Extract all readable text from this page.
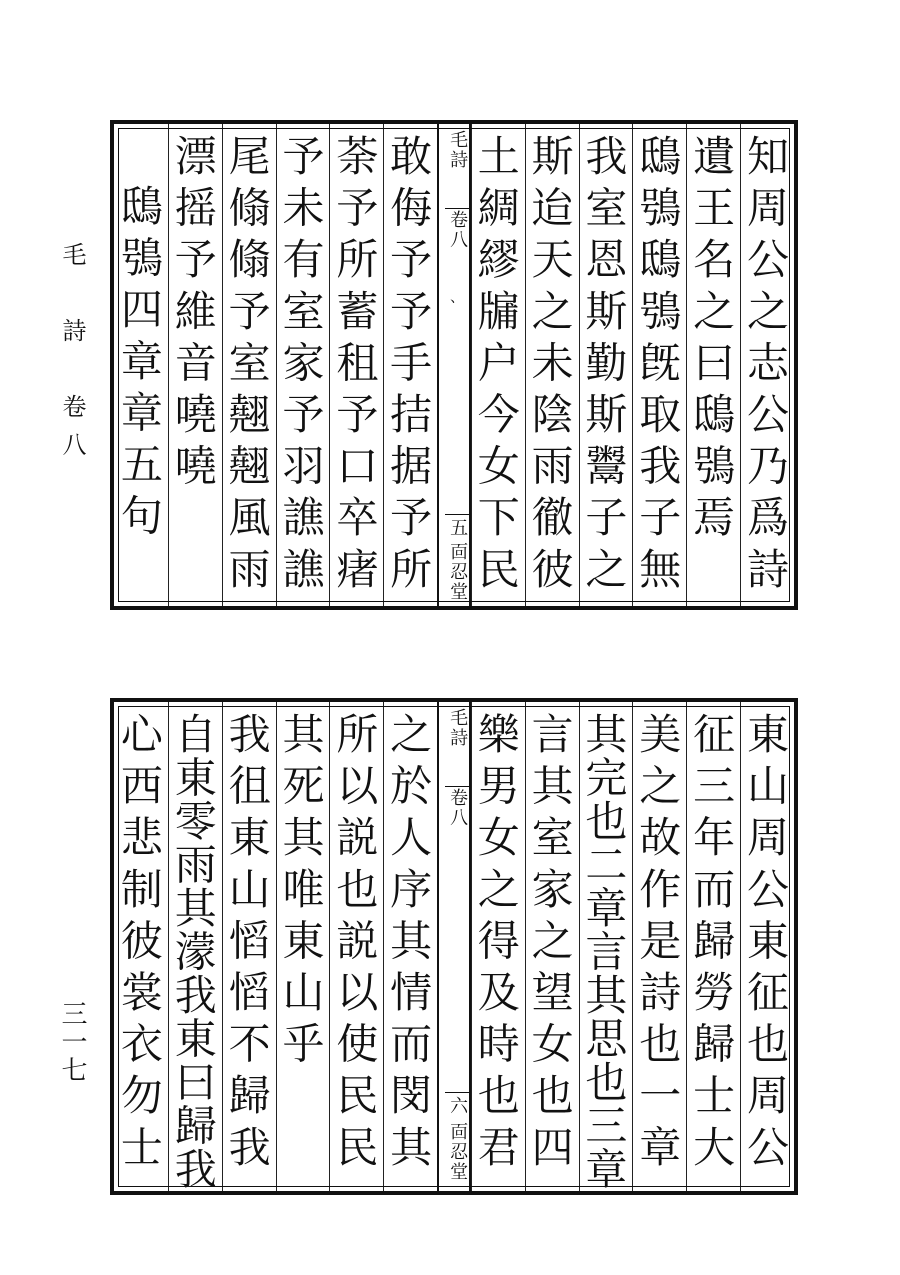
毛　詩　卷八
三一七
知周公之志公乃爲詩
遺王名之曰鴟鴞焉
鴟鴞鴟鴞旣取我子無
我室恩斯勤斯鬻子之
斯迨天之未陰雨徹彼
土綢繆牖户今女下民
毛詩
卷八
、
五
靣忍堂
敢侮予予手拮据予所
荼予所蓄租予口卒瘏
予未有室家予羽譙譙
尾翛翛予室翹翹風雨
漂摇予維音嘵嘵
鴟鴞四章章五句
東山周公東征也周公
征三年而歸勞歸士大
美之故作是詩也一章
其完也二章言其思也三章
言其室家之望女也四
樂男女之得及時也君
毛詩
卷八
六
靣忍堂
之於人序其情而閔其
所以説也説以使民民
其死其唯東山乎
我徂東山慆慆不歸我
自東零雨其濛我東曰歸我
心西悲制彼裳衣勿士
